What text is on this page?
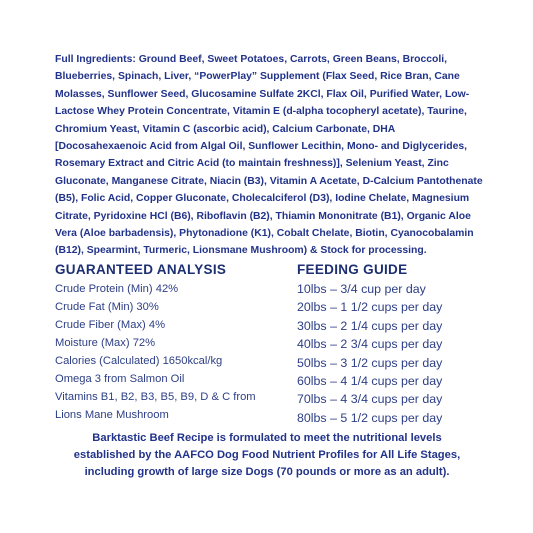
Full Ingredients: Ground Beef, Sweet Potatoes, Carrots, Green Beans, Broccoli, Blueberries, Spinach, Liver, “PowerPlay” Supplement (Flax Seed, Rice Bran, Cane Molasses, Sunflower Seed, Glucosamine Sulfate 2KCl, Flax Oil, Purified Water, Low-Lactose Whey Protein Concentrate, Vitamin E (d-alpha tocopheryl acetate), Taurine, Chromium Yeast, Vitamin C (ascorbic acid), Calcium Carbonate, DHA [Docosahexaenoic Acid from Algal Oil, Sunflower Lecithin, Mono- and Diglycerides, Rosemary Extract and Citric Acid (to maintain freshness)], Selenium Yeast, Zinc Gluconate, Manganese Citrate, Niacin (B3), Vitamin A Acetate, D-Calcium Pantothenate (B5), Folic Acid, Copper Gluconate, Cholecalciferol (D3), Iodine Chelate, Magnesium Citrate, Pyridoxine HCl (B6), Riboflavin (B2), Thiamin Mononitrate (B1), Organic Aloe Vera (Aloe barbadensis), Phytonadione (K1), Cobalt Chelate, Biotin, Cyanocobalamin (B12), Spearmint, Turmeric, Lionsmane Mushroom) & Stock for processing.
GUARANTEED ANALYSIS
Crude Protein (Min) 42%
Crude Fat (Min) 30%
Crude Fiber (Max) 4%
Moisture (Max) 72%
Calories (Calculated) 1650kcal/kg
Omega 3 from Salmon Oil
Vitamins B1, B2, B3, B5, B9, D & C from
Lions Mane Mushroom
FEEDING GUIDE
10lbs – 3/4 cup per day
20lbs – 1 1/2 cups per day
30lbs – 2 1/4 cups per day
40lbs – 2 3/4 cups per day
50lbs – 3 1/2 cups per day
60lbs – 4 1/4 cups per day
70lbs – 4 3/4 cups per day
80lbs – 5 1/2 cups per day
Barktastic Beef Recipe is formulated to meet the nutritional levels established by the AAFCO Dog Food Nutrient Profiles for All Life Stages, including growth of large size Dogs (70 pounds or more as an adult).
